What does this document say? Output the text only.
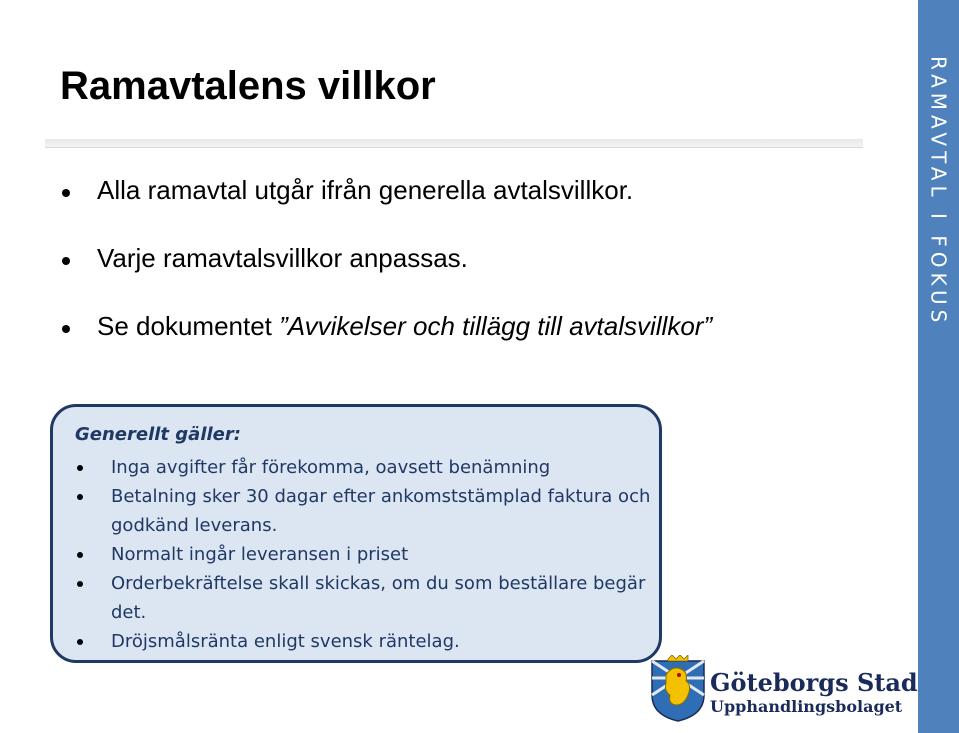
Ramavtalens villkor	RAMAVTAL I FOKUS
Alla ramavtal utgår ifrån generella avtalsvillkor.
Varje ramavtalsvillkor anpassas.
Se dokumentet ”Avvikelser och tillägg till avtalsvillkor”
Generellt gäller:
Inga avgifter får förekomma, oavsett benämning
Betalning sker 30 dagar efter ankomststämplad faktura och godkänd leverans.
Normalt ingår leveransen i priset
Orderbekräftelse skall skickas, om du som beställare begär det.
Dröjsmålsränta enligt svensk räntelag.
Göteborgs Stad
Upphandlingsbolaget
